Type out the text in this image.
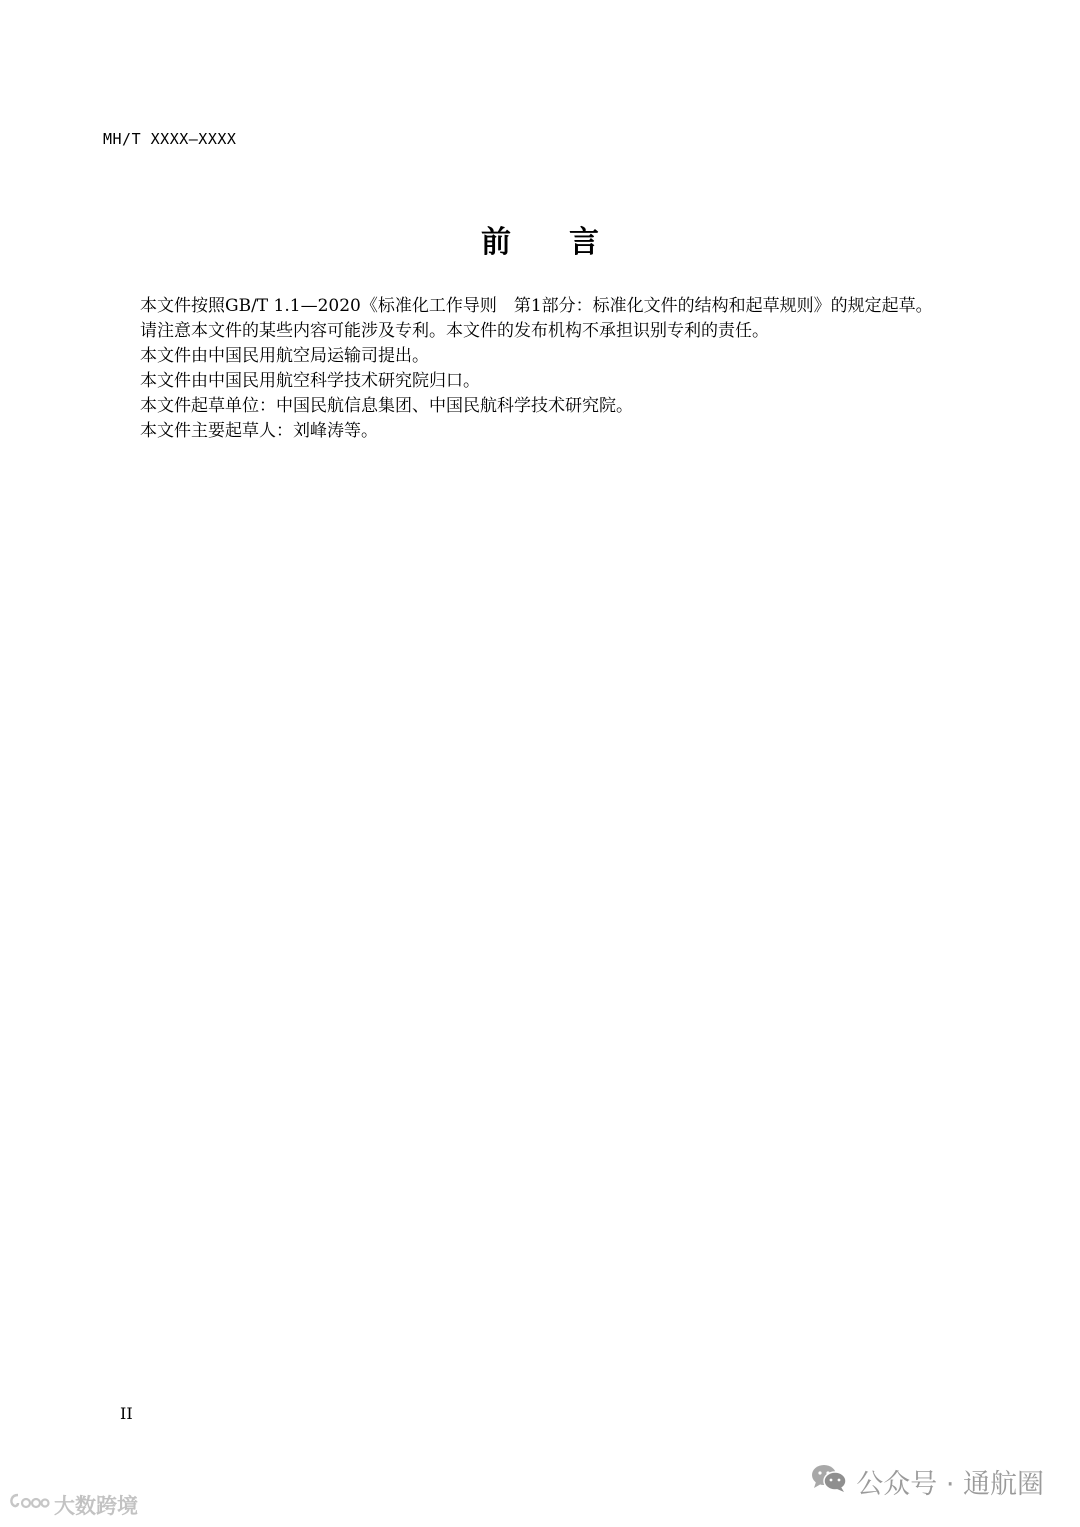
MH/T XXXX—XXXX
前 言

本文件按照GB/T 1.1—2020《标准化工作导则　第1部分：标准化文件的结构和起草规则》的规定起草。

请注意本文件的某些内容可能涉及专利。本文件的发布机构不承担识别专利的责任。

本文件由中国民用航空局运输司提出。

本文件由中国民用航空科学技术研究院归口。

本文件起草单位：中国民航信息集团、中国民航科学技术研究院。

本文件主要起草人：刘峰涛等。

II
大数跨境
公众号 · 通航圈
